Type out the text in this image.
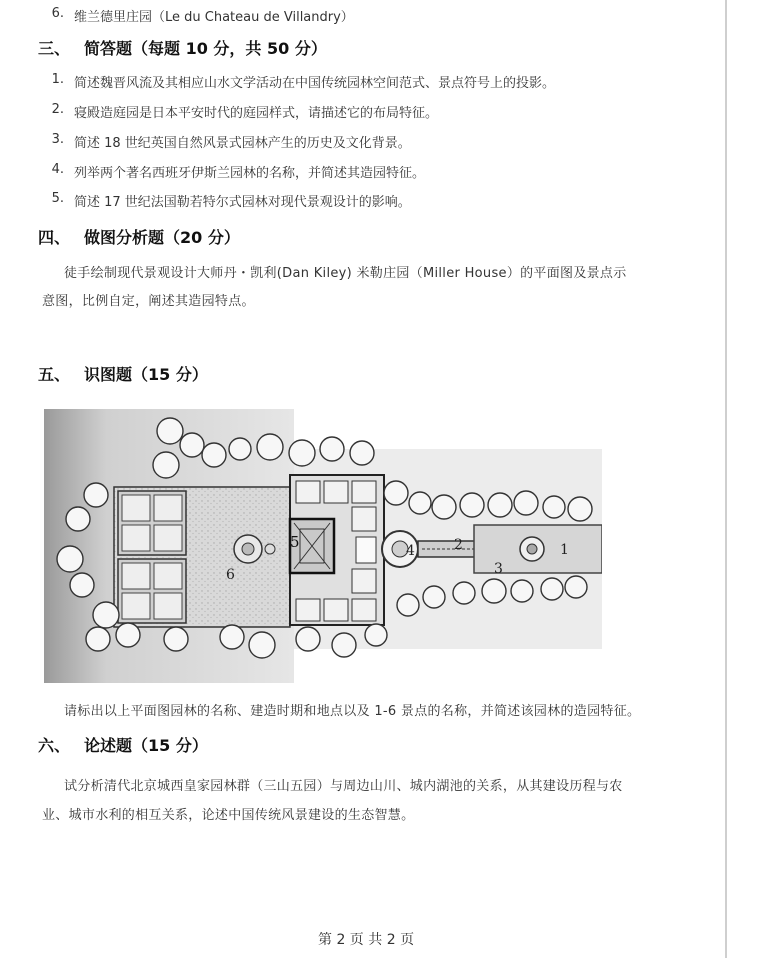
6. 维兰德里庄园（Le du Chateau de Villandry）
三、 简答题（每题 10 分，共 50 分）
1. 简述魏晋风流及其相应山水文学活动在中国传统园林空间范式、景点符号上的投影。
2. 寝殿造庭园是日本平安时代的庭园样式，请描述它的布局特征。
3. 简述 18 世纪英国自然风景式园林产生的历史及文化背景。
4. 列举两个著名西班牙伊斯兰园林的名称，并简述其造园特征。
5. 简述 17 世纪法国勒若特尔式园林对现代景观设计的影响。
四、 做图分析题（20 分）
徒手绘制现代景观设计大师丹・凯利(Dan Kiley) 米勒庄园（Miller House）的平面图及景点示
意图，比例自定，阐述其造园特点。
五、 识图题（15 分）
1
2
3
4
5
6
请标出以上平面图园林的名称、建造时期和地点以及 1-6 景点的名称，并简述该园林的造园特征。
六、 论述题（15 分）
试分析清代北京城西皇家园林群（三山五园）与周边山川、城内湖池的关系，从其建设历程与农
业、城市水利的相互关系，论述中国传统风景建设的生态智慧。
第 2 页 共 2 页
